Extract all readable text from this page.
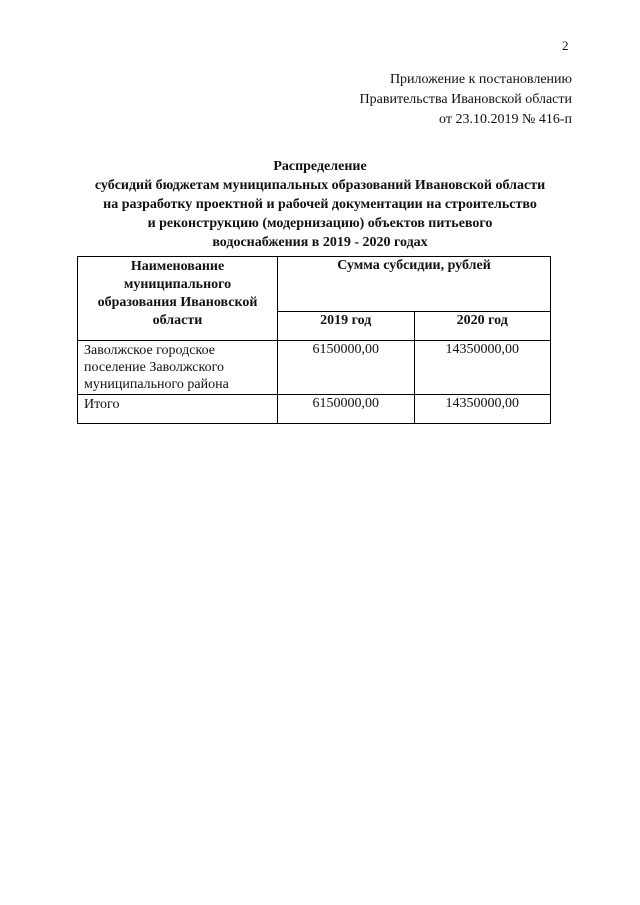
2
Приложение к постановлению
Правительства Ивановской области
от 23.10.2019 № 416-п
Распределение
субсидий бюджетам муниципальных образований Ивановской области
на разработку проектной и рабочей документации на строительство
и реконструкцию (модернизацию) объектов питьевого
водоснабжения в 2019 - 2020 годах
Наименование
муниципального
образования Ивановской
области	Сумма субсидии, рублей	
	2019 год	2020 год

Заволжское городское
поселение Заволжского
муниципального района	6150000,00	14350000,00

Итого	6150000,00	14350000,00
